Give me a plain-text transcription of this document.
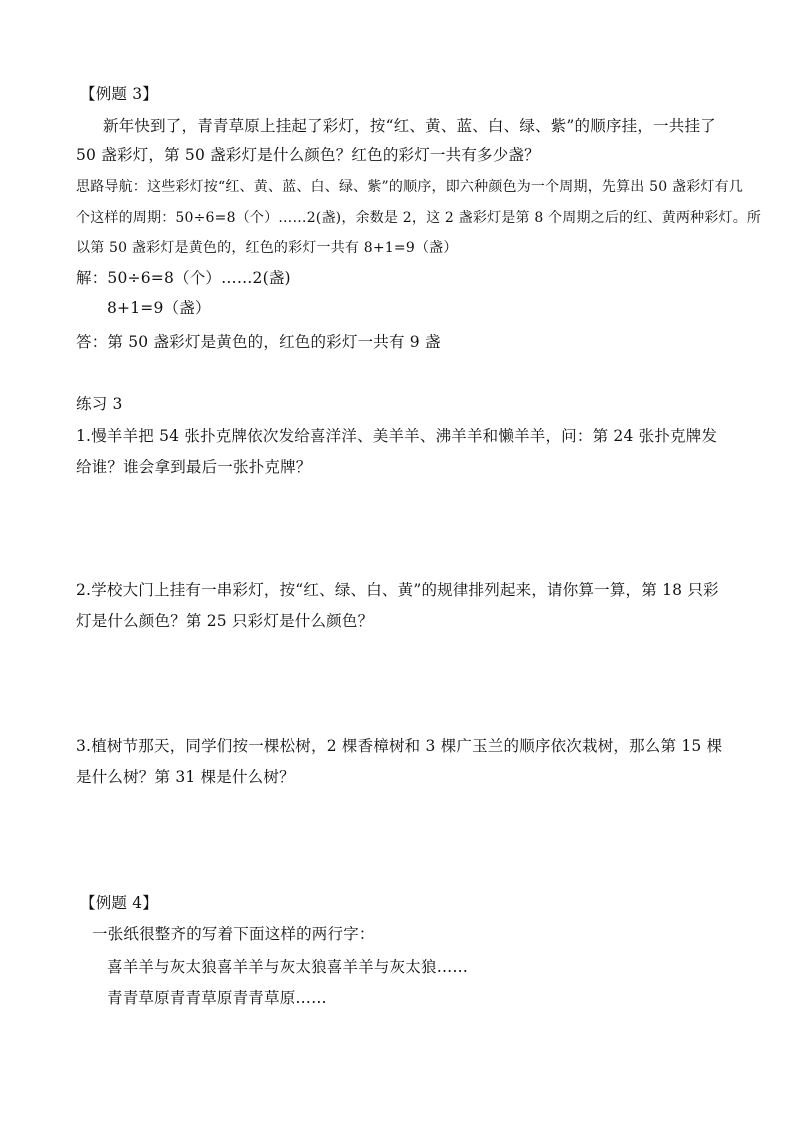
【例题 3】
新年快到了，青青草原上挂起了彩灯，按“红、黄、蓝、白、绿、紫”的顺序挂，一共挂了
50 盏彩灯，第 50 盏彩灯是什么颜色？红色的彩灯一共有多少盏？
思路导航：这些彩灯按“红、黄、蓝、白、绿、紫”的顺序，即六种颜色为一个周期，先算出 50 盏彩灯有几
个这样的周期：50÷6=8（个）……2(盏)，余数是 2，这 2 盏彩灯是第 8 个周期之后的红、黄两种彩灯。所
以第 50 盏彩灯是黄色的，红色的彩灯一共有 8+1=9（盏）
解：50÷6=8（个）……2(盏)
8+1=9（盏）
答：第 50 盏彩灯是黄色的，红色的彩灯一共有 9 盏
练习 3
1.慢羊羊把 54 张扑克牌依次发给喜洋洋、美羊羊、沸羊羊和懒羊羊，问：第 24 张扑克牌发
给谁？谁会拿到最后一张扑克牌？
2.学校大门上挂有一串彩灯，按“红、绿、白、黄”的规律排列起来，请你算一算，第 18 只彩
灯是什么颜色？第 25 只彩灯是什么颜色？
3.植树节那天，同学们按一棵松树，2 棵香樟树和 3 棵广玉兰的顺序依次栽树，那么第 15 棵
是什么树？第 31 棵是什么树？
【例题 4】
一张纸很整齐的写着下面这样的两行字：
喜羊羊与灰太狼喜羊羊与灰太狼喜羊羊与灰太狼……
青青草原青青草原青青草原……
